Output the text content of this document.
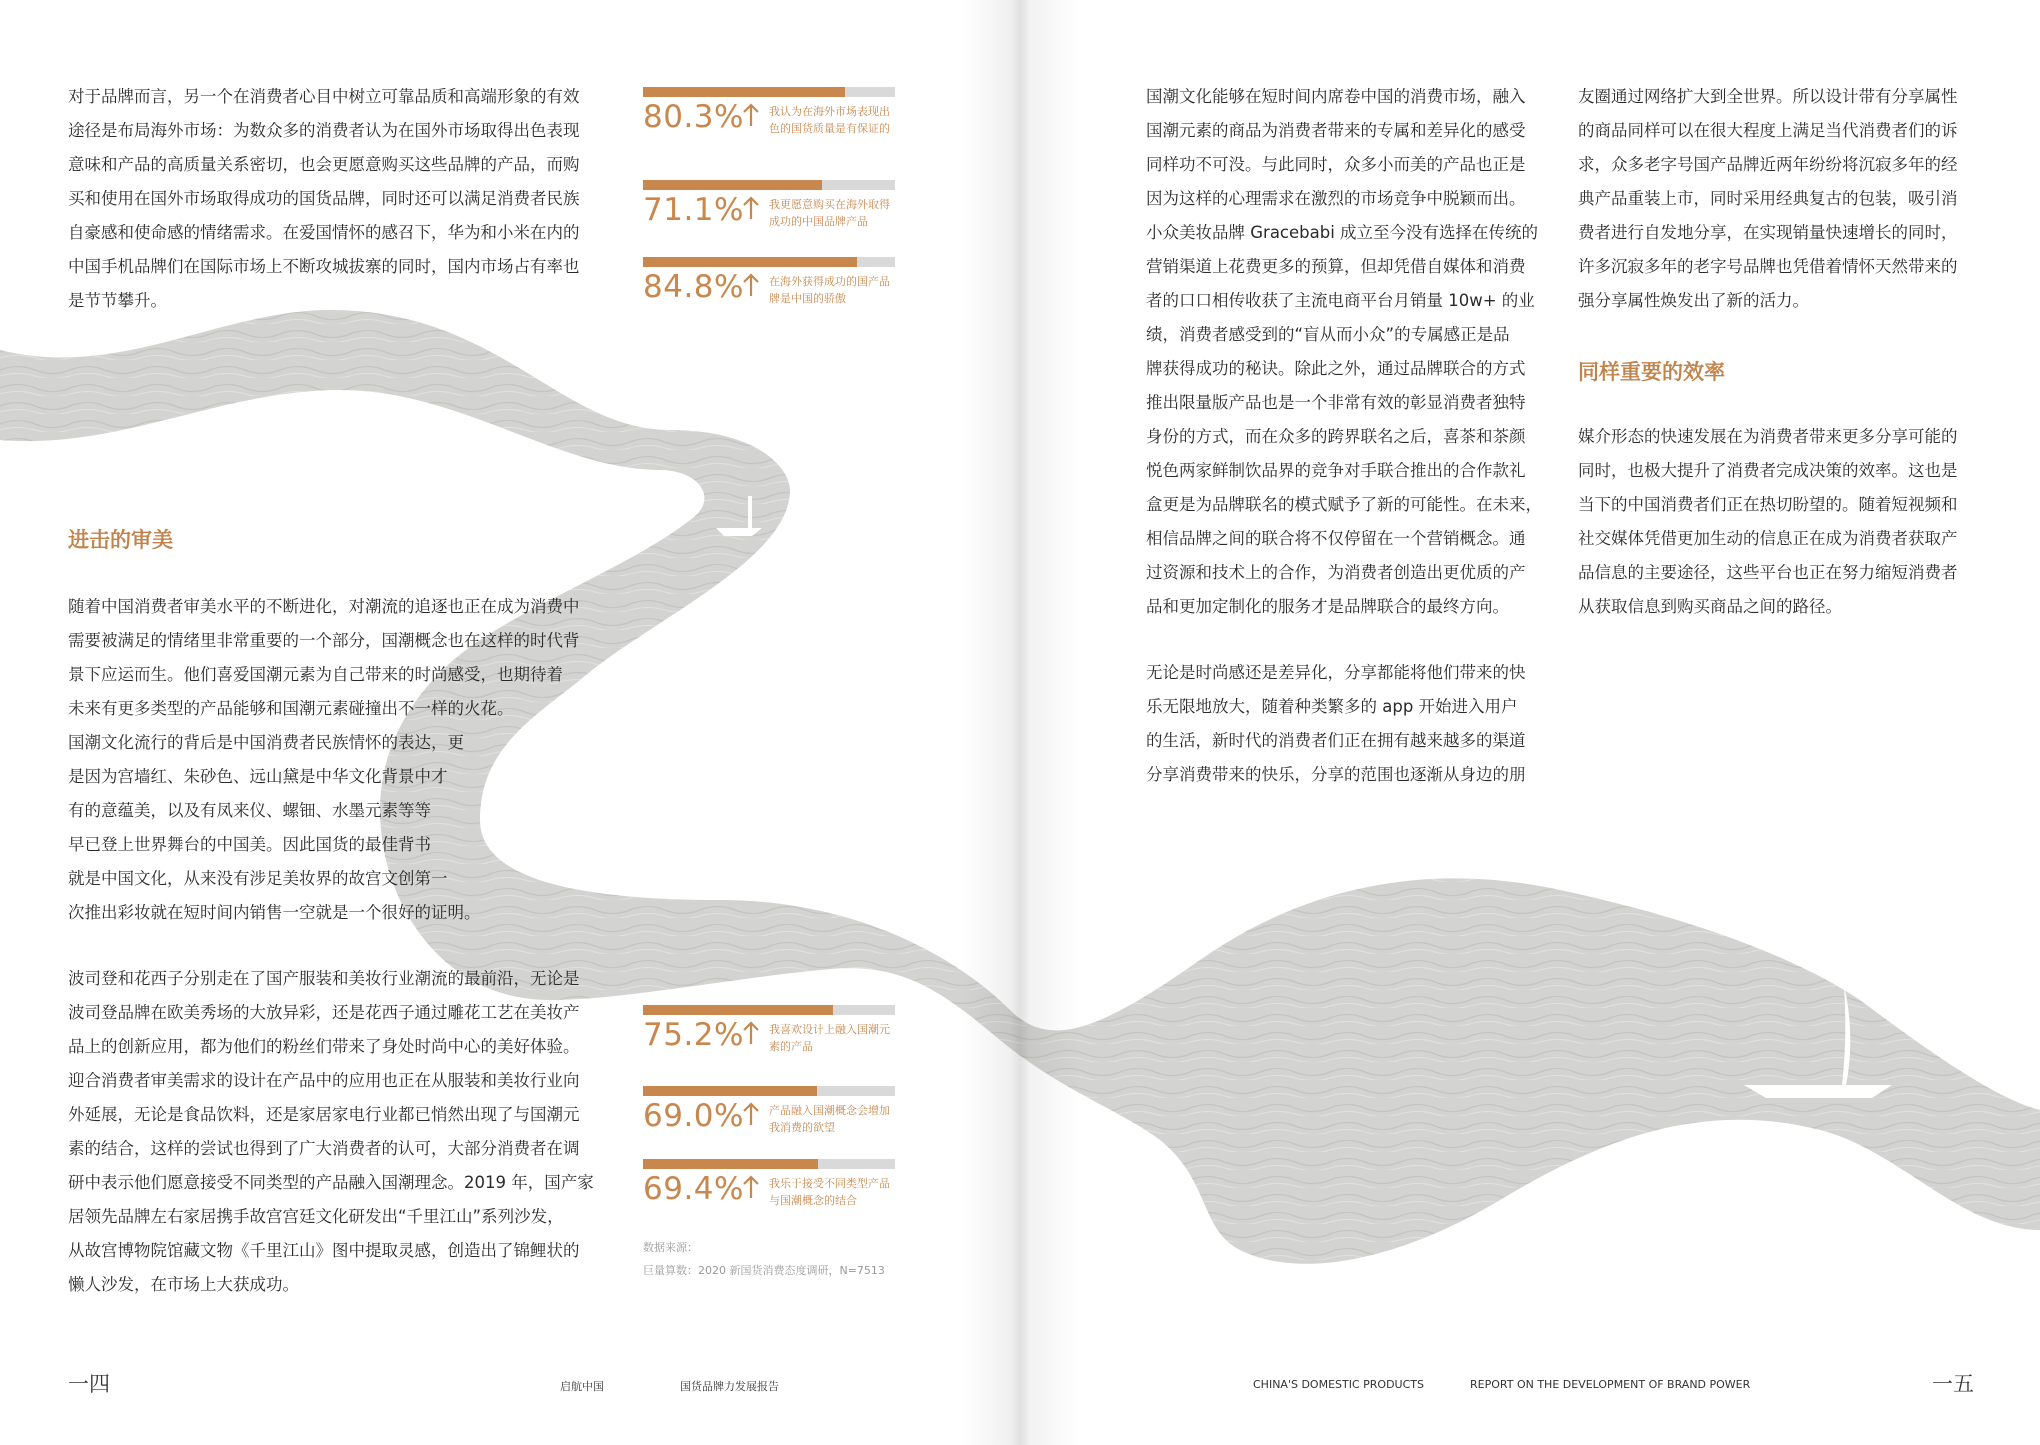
对于品牌而言，另一个在消费者心目中树立可靠品质和高端形象的有效
途径是布局海外市场：为数众多的消费者认为在国外市场取得出色表现
意味和产品的高质量关系密切，也会更愿意购买这些品牌的产品，而购
买和使用在国外市场取得成功的国货品牌，同时还可以满足消费者民族
自豪感和使命感的情绪需求。在爱国情怀的感召下，华为和小米在内的
中国手机品牌们在国际市场上不断攻城拔寨的同时，国内市场占有率也
是节节攀升。
80.3% 我认为在海外市场表现出色的国货质量是有保证的
71.1% 我更愿意购买在海外取得成功的中国品牌产品
84.8% 在海外获得成功的国产品牌是中国的骄傲
进击的审美
随着中国消费者审美水平的不断进化，对潮流的追逐也正在成为消费中
需要被满足的情绪里非常重要的一个部分，国潮概念也在这样的时代背
景下应运而生。他们喜爱国潮元素为自己带来的时尚感受，也期待着
未来有更多类型的产品能够和国潮元素碰撞出不一样的火花。
国潮文化流行的背后是中国消费者民族情怀的表达，更
是因为宫墙红、朱砂色、远山黛是中华文化背景中才
有的意蕴美，以及有凤来仪、螺钿、水墨元素等等
早已登上世界舞台的中国美。因此国货的最佳背书
就是中国文化，从来没有涉足美妆界的故宫文创第一
次推出彩妆就在短时间内销售一空就是一个很好的证明。
波司登和花西子分别走在了国产服装和美妆行业潮流的最前沿，无论是
波司登品牌在欧美秀场的大放异彩，还是花西子通过雕花工艺在美妆产
品上的创新应用，都为他们的粉丝们带来了身处时尚中心的美好体验。
迎合消费者审美需求的设计在产品中的应用也正在从服装和美妆行业向
外延展，无论是食品饮料，还是家居家电行业都已悄然出现了与国潮元
素的结合，这样的尝试也得到了广大消费者的认可，大部分消费者在调
研中表示他们愿意接受不同类型的产品融入国潮理念。2019 年，国产家
居领先品牌左右家居携手故宫宫廷文化研发出“千里江山”系列沙发，
从故宫博物院馆藏文物《千里江山》图中提取灵感，创造出了锦鲤状的
懒人沙发，在市场上大获成功。
75.2% 我喜欢设计上融入国潮元素的产品
69.0% 产品融入国潮概念会增加我消费的欲望
69.4% 我乐于接受不同类型产品与国潮概念的结合
数据来源：
巨量算数：2020 新国货消费态度调研，N=7513
一四	启航中国	国货品牌力发展报告
国潮文化能够在短时间内席卷中国的消费市场，融入
国潮元素的商品为消费者带来的专属和差异化的感受
同样功不可没。与此同时，众多小而美的产品也正是
因为这样的心理需求在激烈的市场竞争中脱颖而出。
小众美妆品牌 Gracebabi 成立至今没有选择在传统的
营销渠道上花费更多的预算，但却凭借自媒体和消费
者的口口相传收获了主流电商平台月销量 10w+ 的业
绩，消费者感受到的“盲从而小众”的专属感正是品
牌获得成功的秘诀。除此之外，通过品牌联合的方式
推出限量版产品也是一个非常有效的彰显消费者独特
身份的方式，而在众多的跨界联名之后，喜茶和茶颜
悦色两家鲜制饮品界的竞争对手联合推出的合作款礼
盒更是为品牌联名的模式赋予了新的可能性。在未来，
相信品牌之间的联合将不仅停留在一个营销概念。通
过资源和技术上的合作，为消费者创造出更优质的产
品和更加定制化的服务才是品牌联合的最终方向。
无论是时尚感还是差异化，分享都能将他们带来的快
乐无限地放大，随着种类繁多的 app 开始进入用户
的生活，新时代的消费者们正在拥有越来越多的渠道
分享消费带来的快乐，分享的范围也逐渐从身边的朋
友圈通过网络扩大到全世界。所以设计带有分享属性
的商品同样可以在很大程度上满足当代消费者们的诉
求，众多老字号国产品牌近两年纷纷将沉寂多年的经
典产品重装上市，同时采用经典复古的包装，吸引消
费者进行自发地分享，在实现销量快速增长的同时，
许多沉寂多年的老字号品牌也凭借着情怀天然带来的
强分享属性焕发出了新的活力。
同样重要的效率
媒介形态的快速发展在为消费者带来更多分享可能的
同时，也极大提升了消费者完成决策的效率。这也是
当下的中国消费者们正在热切盼望的。随着短视频和
社交媒体凭借更加生动的信息正在成为消费者获取产
品信息的主要途径，这些平台也正在努力缩短消费者
从获取信息到购买商品之间的路径。
CHINA'S DOMESTIC PRODUCTS	REPORT ON THE DEVELOPMENT OF BRAND POWER	一五
